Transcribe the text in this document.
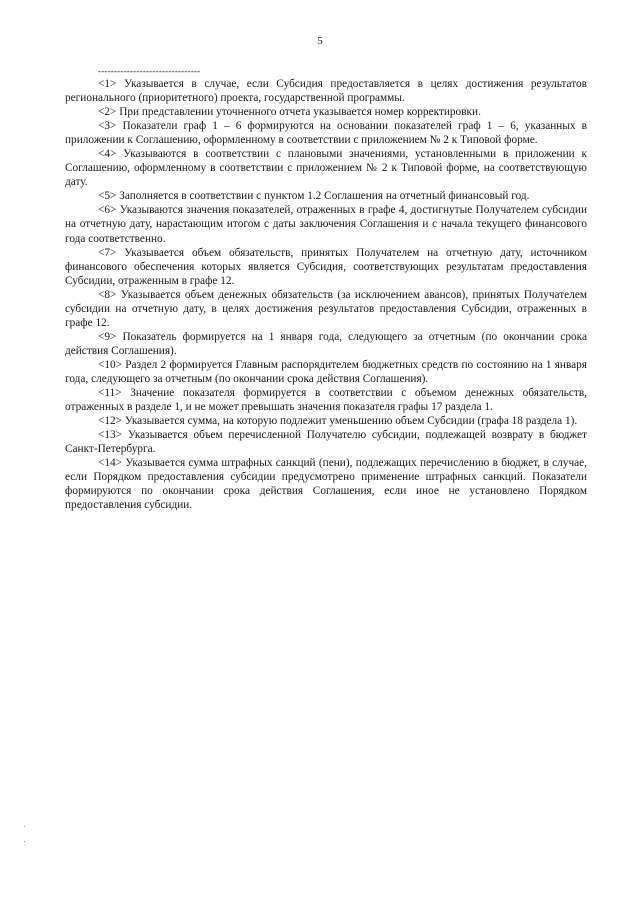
5
--------------------------------

<1> Указывается в случае, если Субсидия предоставляется в целях достижения результатов регионального (приоритетного) проекта, государственной программы.

<2> При представлении уточненного отчета указывается номер корректировки.

<3> Показатели граф 1 – 6 формируются на основании показателей граф 1 – 6, указанных в приложении к Соглашению, оформленному в соответствии с приложением № 2 к Типовой форме.

<4> Указываются в соответствии с плановыми значениями, установленными в приложении к Соглашению, оформленному в соответствии с приложением № 2 к Типовой форме, на соответствующую дату.

<5> Заполняется в соответствии с пунктом 1.2 Соглашения на отчетный финансовый год.

<6> Указываются значения показателей, отраженных в графе 4, достигнутые Получателем субсидии на отчетную дату, нарастающим итогом с даты заключения Соглашения и с начала текущего финансового года соответственно.

<7> Указывается объем обязательств, принятых Получателем на отчетную дату, источником финансового обеспечения которых является Субсидия, соответствующих результатам предоставления Субсидии, отраженным в графе 12.

<8> Указывается объем денежных обязательств (за исключением авансов), принятых Получателем субсидии на отчетную дату, в целях достижения результатов предоставления Субсидии, отраженных в графе 12.

<9> Показатель формируется на 1 января года, следующего за отчетным (по окончании срока действия Соглашения).

<10> Раздел 2 формируется Главным распорядителем бюджетных средств по состоянию на 1 января года, следующего за отчетным (по окончании срока действия Соглашения).

<11> Значение показателя формируется в соответствии с объемом денежных обязательств, отраженных в разделе 1, и не может превышать значения показателя графы 17 раздела 1.

<12> Указывается сумма, на которую подлежит уменьшению объем Субсидии (графа 18 раздела 1).

<13> Указывается объем перечисленной Получателю субсидии, подлежащей возврату в бюджет Санкт-Петербурга.

<14> Указывается сумма штрафных санкций (пени), подлежащих перечислению в бюджет, в случае, если Порядком предоставления субсидии предусмотрено применение штрафных санкций. Показатели формируются по окончании срока действия Соглашения, если иное не установлено Порядком предоставления субсидии.
